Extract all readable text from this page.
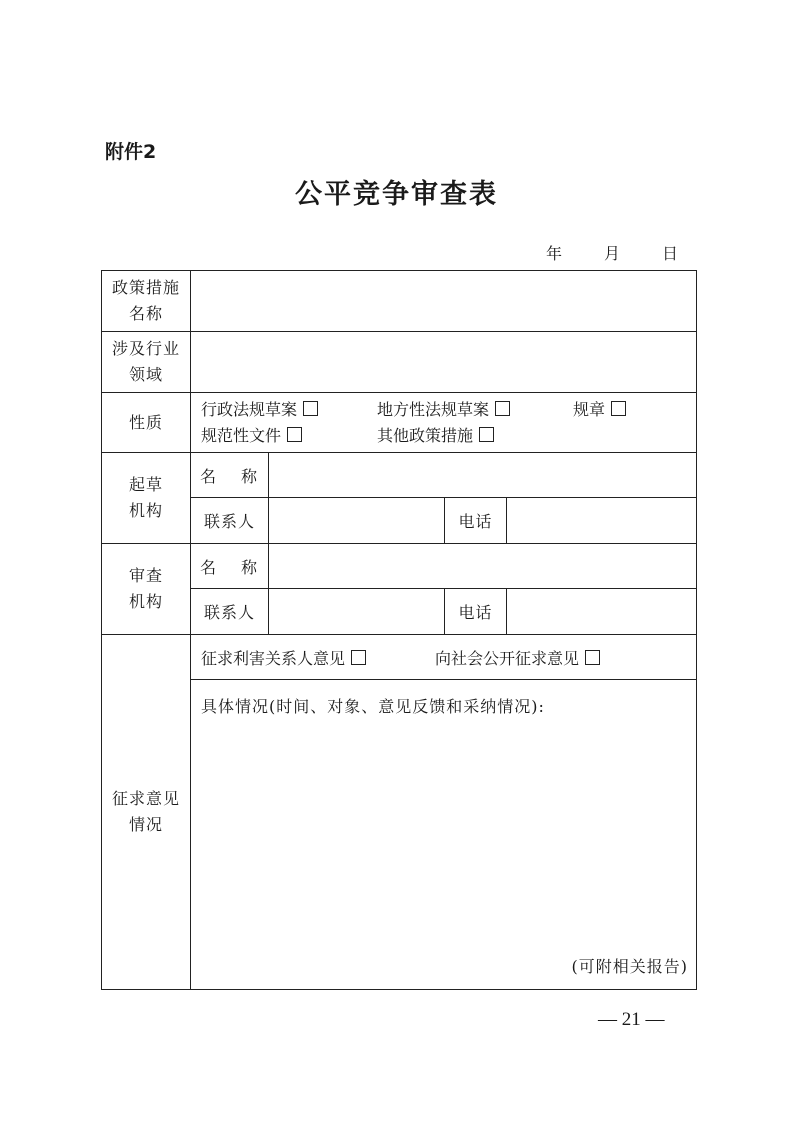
附件2
公平竞争审查表
年	月	日
政策措施
名称				

涉及行业
领域				

性质	行政法规草案 地方性法规草案 规章
规范性文件 其他政策措施			

起草
机构	名 称			
	联系人		电话	

审查
机构	名 称			
	联系人		电话	

征求意见
情况	征求利害关系人意见 向社会公开征求意见			

	具体情况(时间、对象、意见反馈和采纳情况):
(可附相关报告)			
— 21 —
